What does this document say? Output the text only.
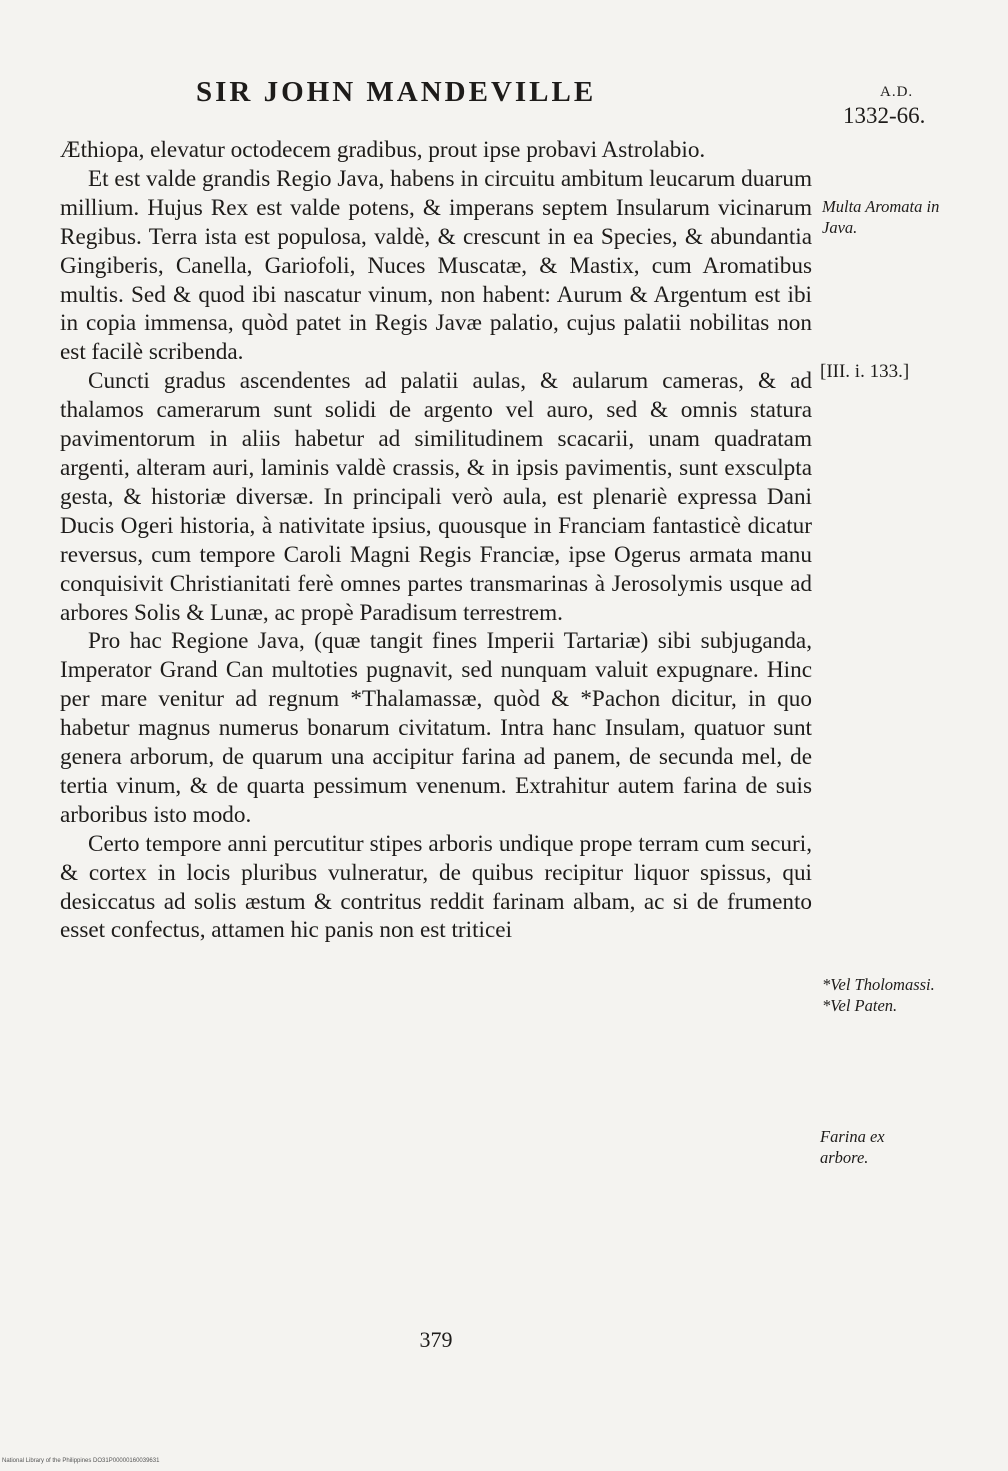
SIR JOHN MANDEVILLE	A.D.
1332-66.

Æthiopa, elevatur octodecem gradibus, prout ipse probavi Astrolabio.

Et est valde grandis Regio Java, habens in circuitu ambitum leucarum duarum millium. Hujus Rex est valde potens, & imperans septem Insularum vicinarum Regibus. Terra ista est populosa, valdè, & crescunt in ea Species, & abundantia Gingiberis, Canella, Gariofoli, Nuces Muscatæ, & Mastix, cum Aromatibus multis. Sed & quod ibi nascatur vinum, non habent: Aurum & Argentum est ibi in copia immensa, quòd patet in Regis Javæ palatio, cujus palatii nobilitas non est facilè scribenda.

Cuncti gradus ascendentes ad palatii aulas, & aularum cameras, & ad thalamos camerarum sunt solidi de argento vel auro, sed & omnis statura pavimentorum in aliis habetur ad similitudinem scacarii, unam quadratam argenti, alteram auri, laminis valdè crassis, & in ipsis pavimentis, sunt exsculpta gesta, & historiæ diversæ. In principali verò aula, est plenariè expressa Dani Ducis Ogeri historia, à nativitate ipsius, quousque in Franciam fantasticè dicatur reversus, cum tempore Caroli Magni Regis Franciæ, ipse Ogerus armata manu conquisivit Christianitati ferè omnes partes transmarinas à Jerosolymis usque ad arbores Solis & Lunæ, ac propè Paradisum terrestrem.

Pro hac Regione Java, (quæ tangit fines Imperii Tartariæ) sibi subjuganda, Imperator Grand Can multoties pugnavit, sed nunquam valuit expugnare. Hinc per mare venitur ad regnum *Thalamassæ, quòd & *Pachon dicitur, in quo habetur magnus numerus bonarum civitatum. Intra hanc Insulam, quatuor sunt genera arborum, de quarum una accipitur farina ad panem, de secunda mel, de tertia vinum, & de quarta pessimum venenum. Extrahitur autem farina de suis arboribus isto modo.

Certo tempore anni percutitur stipes arboris undique prope terram cum securi, & cortex in locis pluribus vulneratur, de quibus recipitur liquor spissus, qui desiccatus ad solis æstum & contritus reddit farinam albam, ac si de frumento esset confectus, attamen hic panis non est triticei

Multa Aromata in Java.
[III. i. 133.]
*Vel Tholomassi. *Vel Paten.
Farina ex arbore.
379
National Library of the Philippines DO31P00000160039631
